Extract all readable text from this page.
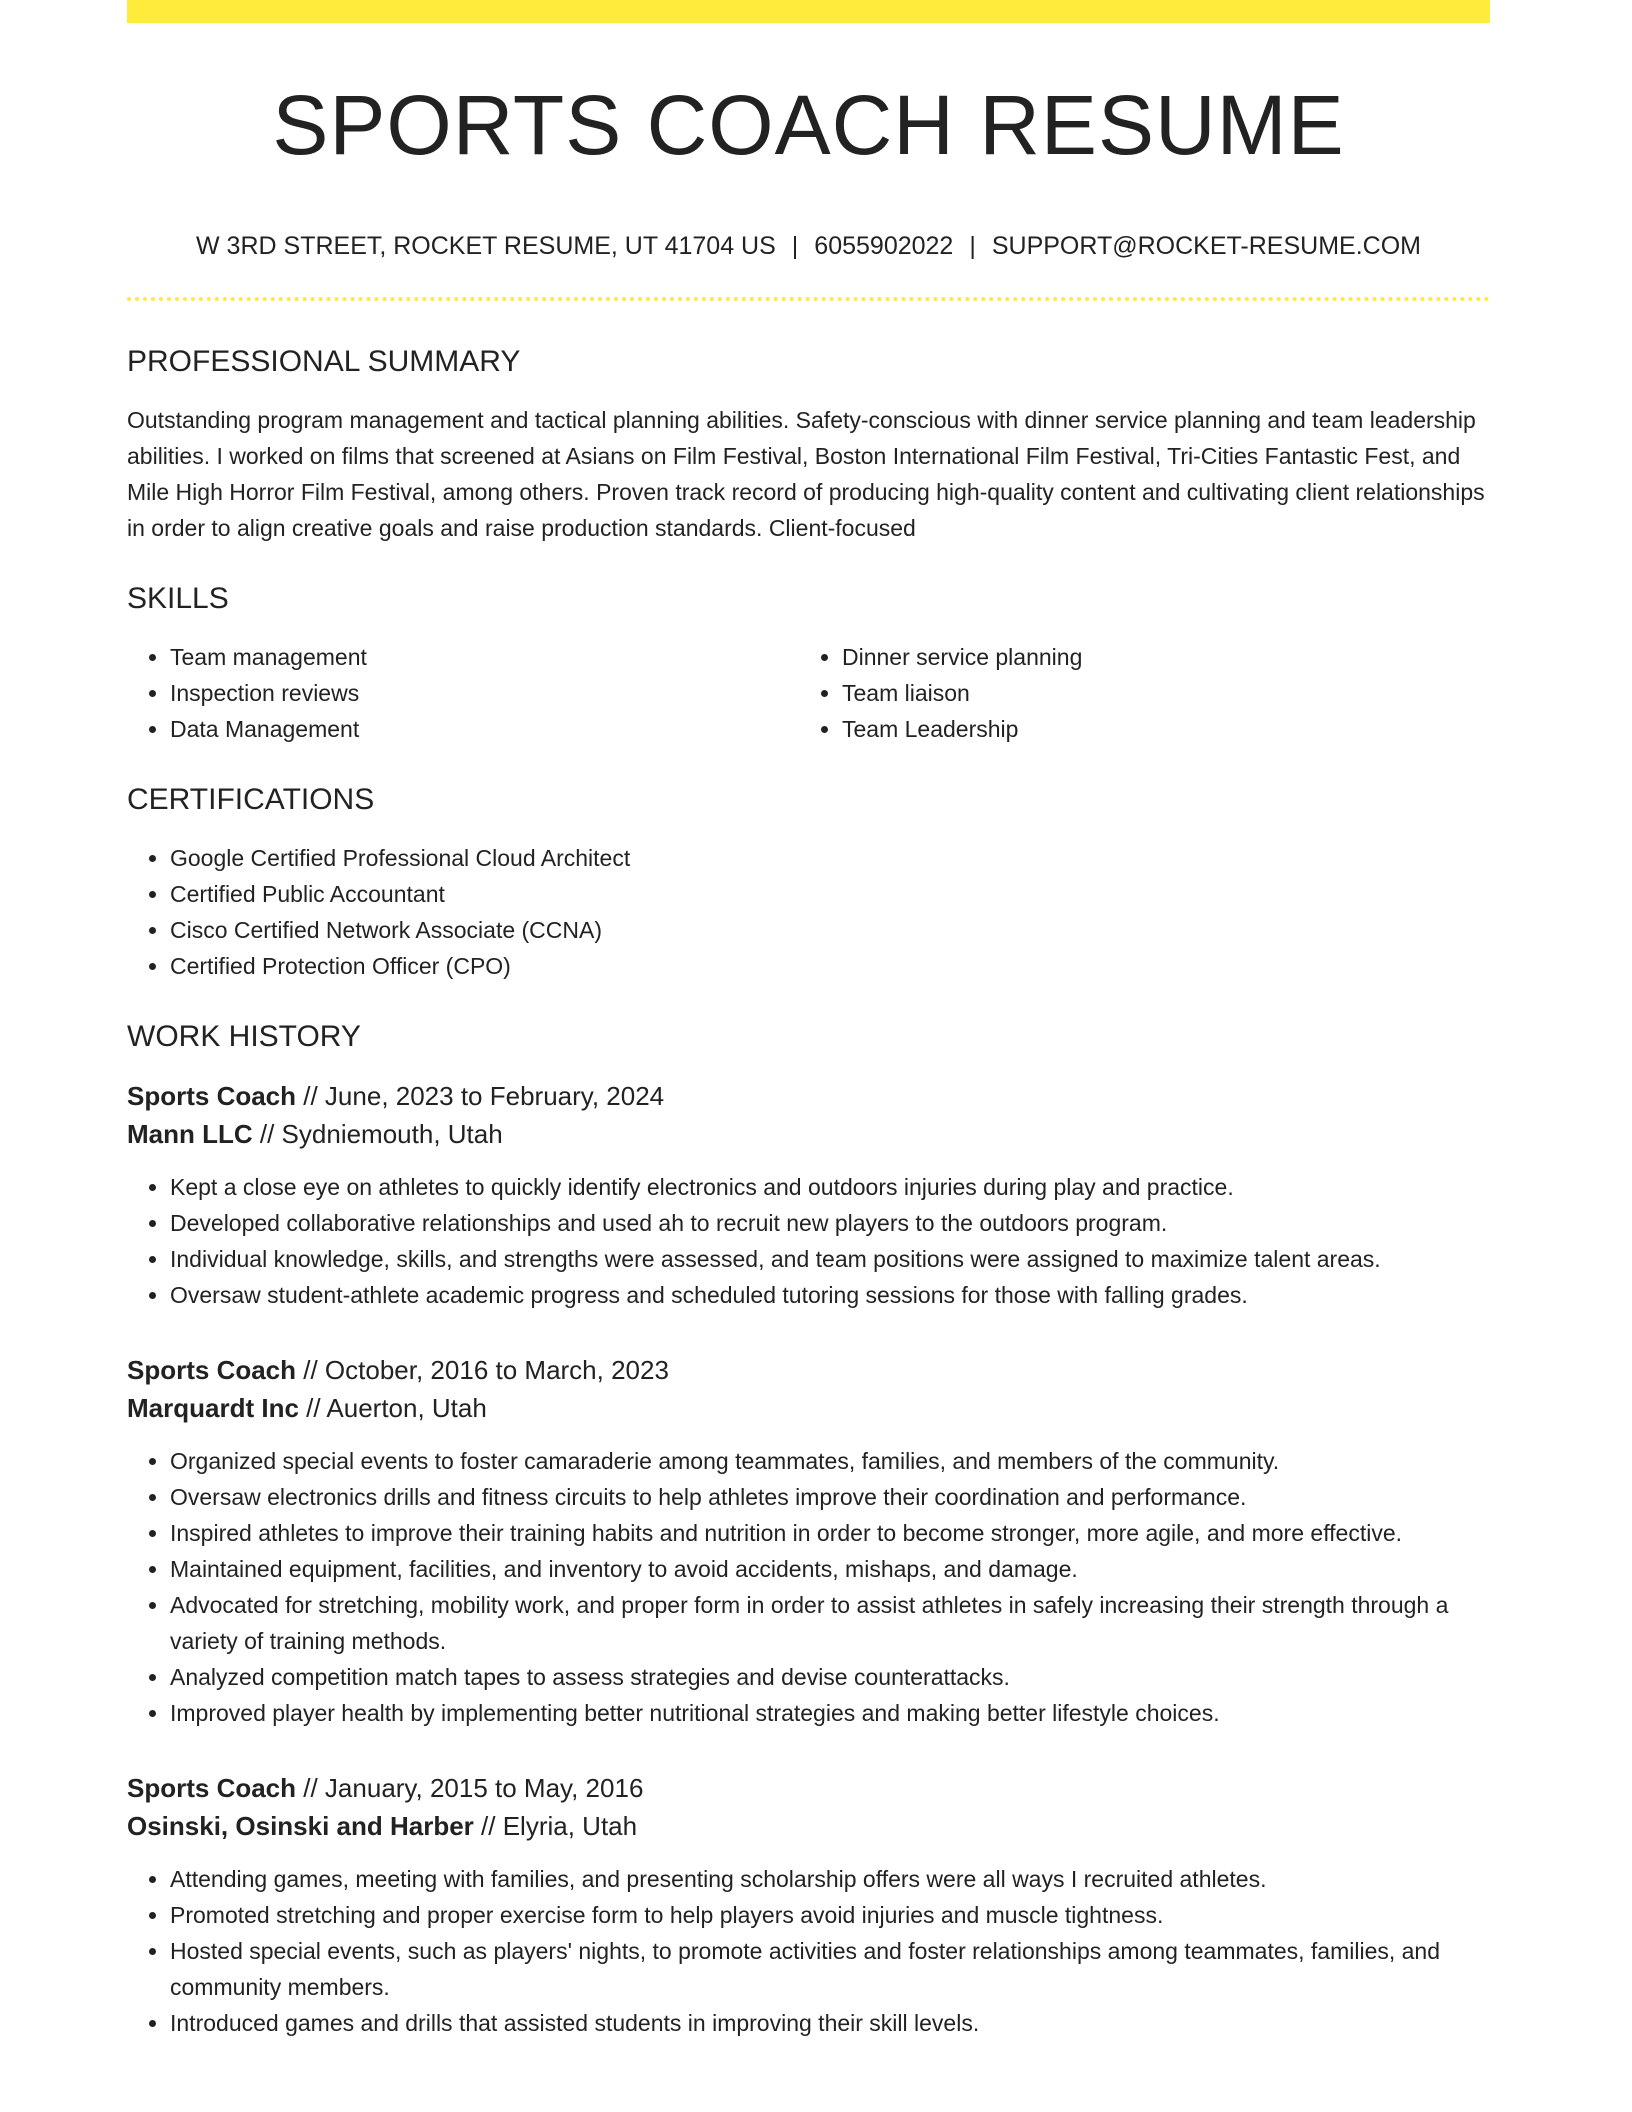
SPORTS COACH RESUME
W 3RD STREET, ROCKET RESUME, UT 41704 US | 6055902022 | SUPPORT@ROCKET-RESUME.COM
PROFESSIONAL SUMMARY

Outstanding program management and tactical planning abilities. Safety-conscious with dinner service planning and team leadership abilities. I worked on films that screened at Asians on Film Festival, Boston International Film Festival, Tri-Cities Fantastic Fest, and Mile High Horror Film Festival, among others. Proven track record of producing high-quality content and cultivating client relationships in order to align creative goals and raise production standards. Client-focused

SKILLS
• Team management
• Inspection reviews
• Data Management
• Dinner service planning
• Team liaison
• Team Leadership
CERTIFICATIONS
• Google Certified Professional Cloud Architect
• Certified Public Accountant
• Cisco Certified Network Associate (CCNA)
• Certified Protection Officer (CPO)
WORK HISTORY
Sports Coach // June, 2023 to February, 2024
Mann LLC // Sydniemouth, Utah
• Kept a close eye on athletes to quickly identify electronics and outdoors injuries during play and practice.
• Developed collaborative relationships and used ah to recruit new players to the outdoors program.
• Individual knowledge, skills, and strengths were assessed, and team positions were assigned to maximize talent areas.
• Oversaw student-athlete academic progress and scheduled tutoring sessions for those with falling grades.
Sports Coach // October, 2016 to March, 2023
Marquardt Inc // Auerton, Utah
• Organized special events to foster camaraderie among teammates, families, and members of the community.
• Oversaw electronics drills and fitness circuits to help athletes improve their coordination and performance.
• Inspired athletes to improve their training habits and nutrition in order to become stronger, more agile, and more effective.
• Maintained equipment, facilities, and inventory to avoid accidents, mishaps, and damage.
• Advocated for stretching, mobility work, and proper form in order to assist athletes in safely increasing their strength through a variety of training methods.
• Analyzed competition match tapes to assess strategies and devise counterattacks.
• Improved player health by implementing better nutritional strategies and making better lifestyle choices.
Sports Coach // January, 2015 to May, 2016
Osinski, Osinski and Harber // Elyria, Utah
• Attending games, meeting with families, and presenting scholarship offers were all ways I recruited athletes.
• Promoted stretching and proper exercise form to help players avoid injuries and muscle tightness.
• Hosted special events, such as players' nights, to promote activities and foster relationships among teammates, families, and community members.
• Introduced games and drills that assisted students in improving their skill levels.
